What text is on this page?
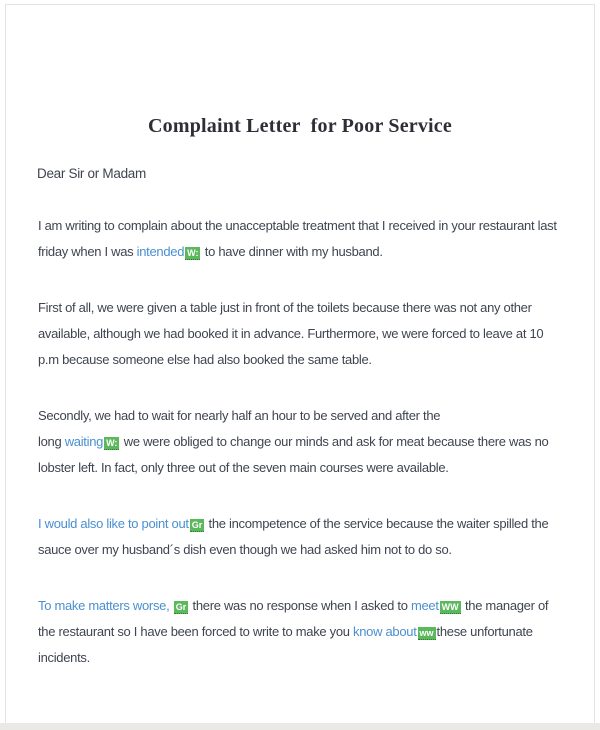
Complaint Letter  for Poor Service
Dear Sir or Madam

I am writing to complain about the unacceptable treatment that I received in your restaurant last friday when I was intended W: to have dinner with my husband.

First of all, we were given a table just in front of the toilets because there was not any other available, although we had booked it in advance. Furthermore, we were forced to leave at 10 p.m because someone else had also booked the same table.

Secondly, we had to wait for nearly half an hour to be served and after the
long waiting W: we were obliged to change our minds and ask for meat because there was no lobster left. In fact, only three out of the seven main courses were available.

I would also like to point out Gr the incompetence of the service because the waiter spilled the sauce over my husband´s dish even though we had asked him not to do so.

To make matters worse, Gr there was no response when I asked to meet WW the manager of the restaurant so I have been forced to write to make you know about ww these unfortunate incidents.
